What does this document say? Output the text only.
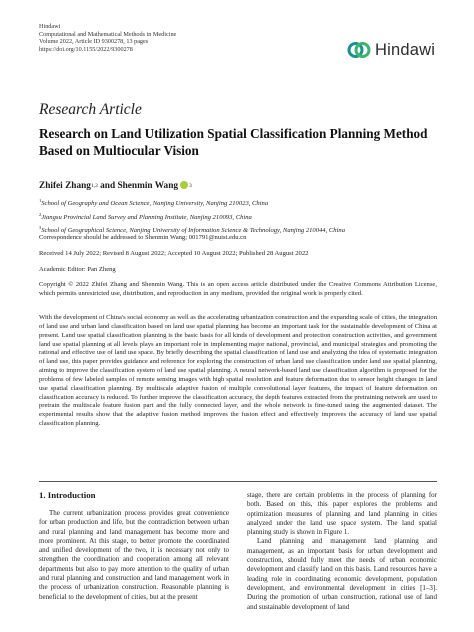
Hindawi
Computational and Mathematical Methods in Medicine
Volume 2022, Article ID 9300278, 13 pages
https://doi.org/10.1155/2022/9300278	Hindawi
Research Article
Research on Land Utilization Spatial Classification Planning Method Based on Multiocular Vision
Zhifei Zhang$^{1,2}$
and
Shenmin Wang $^3$
$^1$School of Geography and Ocean Science, Nanjing University, Nanjing 210023, China
$^2$Jiangsu Provincial Land Survey and Planning Institute, Nanjing 210093, China
$^3$School of Geographical Science, Nanjing University of Information Science & Technology, Nanjing 210044, China
Correspondence should be addressed to Shenmin Wang; 001791@nuist.edu.cn
Received 14 July 2022; Revised 8 August 2022; Accepted 10 August 2022; Published 28 August 2022
Academic Editor: Pan Zheng
Copyright © 2022 Zhifei Zhang and Shenmin Wang. This is an open access article distributed under the Creative Commons Attribution License, which permits unrestricted use, distribution, and reproduction in any medium, provided the original work is properly cited.
With the development of China's social economy as well as the accelerating urbanization construction and the expanding scale of cities, the integration of land use and urban land classification based on land use spatial planning has become an important task for the sustainable development of China at present. Land use spatial classification planning is the basic basis for all kinds of development and protection construction activities, and government land use spatial planning at all levels plays an important role in implementing major national, provincial, and municipal strategies and promoting the rational and effective use of land use space. By briefly describing the spatial classification of land use and analyzing the idea of systematic integration of land use, this paper provides guidance and reference for exploring the construction of urban land use classification under land use spatial planning, aiming to improve the classification system of land use spatial planning. A neural network-based land use classification algorithm is proposed for the problems of few labeled samples of remote sensing images with high spatial resolution and feature deformation due to sensor height changes in land use spatial classification planning. By multiscale adaptive fusion of multiple convolutional layer features, the impact of feature deformation on classification accuracy is reduced. To further improve the classification accuracy, the depth features extracted from the pretraining network are used to pretrain the multiscale feature fusion part and the fully connected layer, and the whole network is fine-tuned using the augmented dataset. The experimental results show that the adaptive fusion method improves the fusion effect and effectively improves the accuracy of land use spatial classification planning.
1. Introduction
The current urbanization process provides great convenience for urban production and life, but the contradiction between urban and rural planning and land management has become more and more prominent. At this stage, to better promote the coordinated and unified development of the two, it is necessary not only to strengthen the coordination and cooperation among all relevant departments but also to pay more attention to the quality of urban and rural planning and construction and land management work in the process of urbanization construction. Reasonable planning is beneficial to the development of cities, but at the present

stage, there are certain problems in the process of planning for both. Based on this, this paper explores the problems and optimization measures of planning and land planning in cities analyzed under the land use space system. The land spatial planning study is shown in Figure 1.

Land planning and management land planning and management, as an important basis for urban development and construction, should fully meet the needs of urban economic development and classify land on this basis. Land resources have a leading role in coordinating economic development, population development, and environmental development in cities [1–3]. During the promotion of urban construction, rational use of land and sustainable development of land
